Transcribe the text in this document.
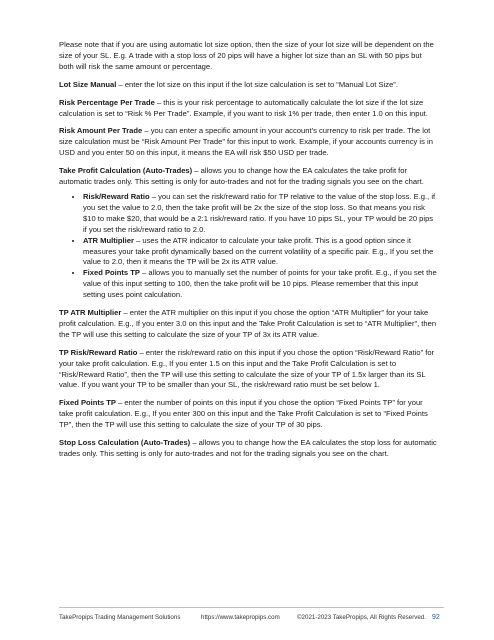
Please note that if you are using automatic lot size option, then the size of your lot size will be dependent on the size of your SL. E.g. A trade with a stop loss of 20 pips will have a higher lot size than an SL with 50 pips but both will risk the same amount or percentage.

Lot Size Manual – enter the lot size on this input if the lot size calculation is set to “Manual Lot Size”.

Risk Percentage Per Trade – this is your risk percentage to automatically calculate the lot size if the lot size calculation is set to “Risk % Per Trade”. Example, if you want to risk 1% per trade, then enter 1.0 on this input.

Risk Amount Per Trade – you can enter a specific amount in your account’s currency to risk per trade. The lot size calculation must be “Risk Amount Per Trade” for this input to work. Example, if your accounts currency is in USD and you enter 50 on this input, it means the EA will risk $50 USD per trade.

Take Profit Calculation (Auto-Trades) – allows you to change how the EA calculates the take profit for automatic trades only. This setting is only for auto-trades and not for the trading signals you see on the chart.

• Risk/Reward Ratio – you can set the risk/reward ratio for TP relative to the value of the stop loss. E.g., if you set the value to 2.0, then the take profit will be 2x the size of the stop loss. So that means you risk $10 to make $20, that would be a 2:1 risk/reward ratio. If you have 10 pips SL, your TP would be 20 pips if you set the risk/reward ratio to 2.0.
• ATR Multiplier – uses the ATR indicator to calculate your take profit. This is a good option since it measures your take profit dynamically based on the current volatility of a specific pair. E.g., If you set the value to 2.0, then it means the TP will be 2x its ATR value.
• Fixed Points TP – allows you to manually set the number of points for your take profit. E.g., if you set the value of this input setting to 100, then the take profit will be 10 pips. Please remember that this input setting uses point calculation.

TP ATR Multiplier – enter the ATR multiplier on this input if you chose the option “ATR Multiplier” for your take profit calculation. E.g., If you enter 3.0 on this input and the Take Profit Calculation is set to “ATR Multiplier”, then the TP will use this setting to calculate the size of your TP of 3x its ATR value.

TP Risk/Reward Ratio – enter the risk/reward ratio on this input if you chose the option “Risk/Reward Ratio” for your take profit calculation. E.g., If you enter 1.5 on this input and the Take Profit Calculation is set to “Risk/Reward Ratio”, then the TP will use this setting to calculate the size of your TP of 1.5x larger than its SL value. If you want your TP to be smaller than your SL, the risk/reward ratio must be set below 1.

Fixed Points TP – enter the number of points on this input if you chose the option “Fixed Points TP” for your take profit calculation. E.g., If you enter 300 on this input and the Take Profit Calculation is set to “Fixed Points TP”, then the TP will use this setting to calculate the size of your TP of 30 pips.

Stop Loss Calculation (Auto-Trades) – allows you to change how the EA calculates the stop loss for automatic trades only. This setting is only for auto-trades and not for the trading signals you see on the chart.

TakePropips Trading Management Solutions	https://www.takepropips.com	©2021-2023 TakePropips, All Rights Reserved. 92
